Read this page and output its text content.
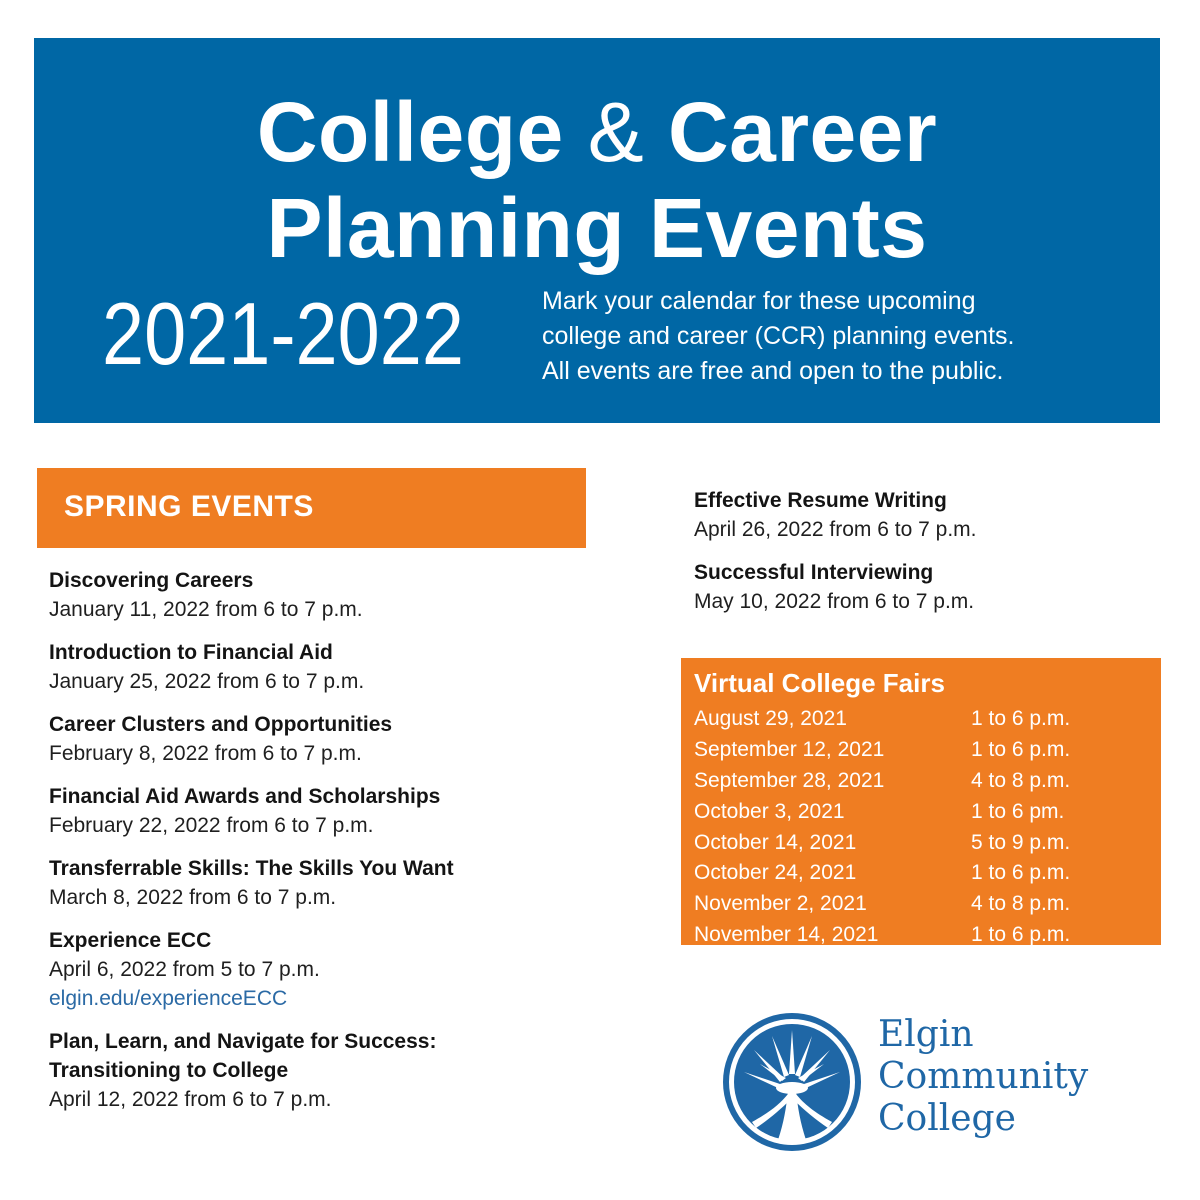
College & Career
Planning Events
2021-2022	Mark your calendar for these upcoming
college and career (CCR) planning events.
All events are free and open to the public.
SPRING EVENTS
Discovering Careers
January 11, 2022 from 6 to 7 p.m.
Introduction to Financial Aid
January 25, 2022 from 6 to 7 p.m.
Career Clusters and Opportunities
February 8, 2022 from 6 to 7 p.m.
Financial Aid Awards and Scholarships
February 22, 2022 from 6 to 7 p.m.
Transferrable Skills: The Skills You Want
March 8, 2022 from 6 to 7 p.m.
Experience ECC
April 6, 2022 from 5 to 7 p.m.
elgin.edu/experienceECC
Plan, Learn, and Navigate for Success:
Transitioning to College
April 12, 2022 from 6 to 7 p.m.
Effective Resume Writing
April 26, 2022 from 6 to 7 p.m.
Successful Interviewing
May 10, 2022 from 6 to 7 p.m.
Virtual College Fairs
August 29, 2021	1 to 6 p.m.
September 12, 2021	1 to 6 p.m.
September 28, 2021	4 to 8 p.m.
October 3, 2021	1 to 6 pm.
October 14, 2021	5 to 9 p.m.
October 24, 2021	1 to 6 p.m.
November 2, 2021	4 to 8 p.m.
November 14, 2021	1 to 6 p.m.
Elgin
Community
College
